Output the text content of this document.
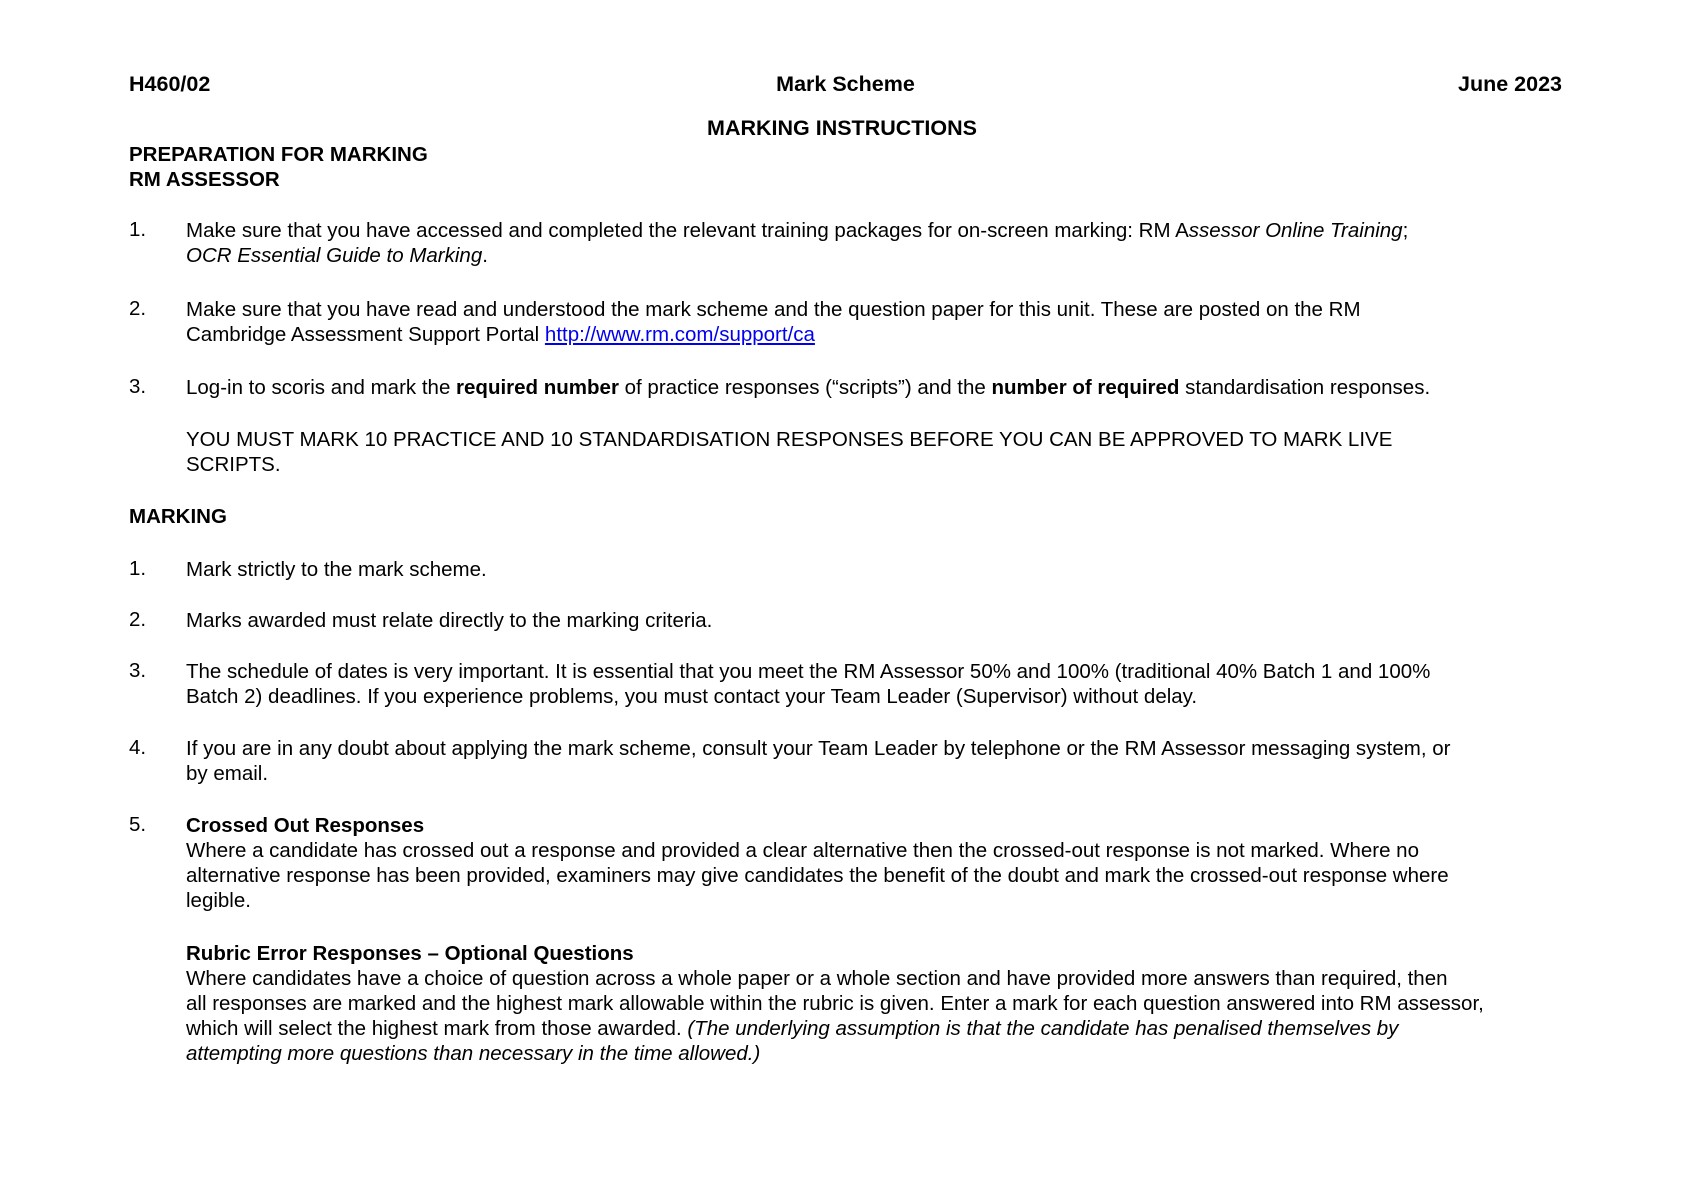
H460/02	Mark Scheme	June 2023
MARKING INSTRUCTIONS
PREPARATION FOR MARKING
RM ASSESSOR
1. Make sure that you have accessed and completed the relevant training packages for on-screen marking: RM Assessor Online Training;
OCR Essential Guide to Marking.
2. Make sure that you have read and understood the mark scheme and the question paper for this unit. These are posted on the RM
Cambridge Assessment Support Portal http://www.rm.com/support/ca
3. Log-in to scoris and mark the required number of practice responses (“scripts”) and the number of required standardisation responses.
YOU MUST MARK 10 PRACTICE AND 10 STANDARDISATION RESPONSES BEFORE YOU CAN BE APPROVED TO MARK LIVE
SCRIPTS.
MARKING
1. Mark strictly to the mark scheme.
2. Marks awarded must relate directly to the marking criteria.
3. The schedule of dates is very important. It is essential that you meet the RM Assessor 50% and 100% (traditional 40% Batch 1 and 100%
Batch 2) deadlines. If you experience problems, you must contact your Team Leader (Supervisor) without delay.
4. If you are in any doubt about applying the mark scheme, consult your Team Leader by telephone or the RM Assessor messaging system, or
by email.
5. Crossed Out Responses
Where a candidate has crossed out a response and provided a clear alternative then the crossed-out response is not marked. Where no
alternative response has been provided, examiners may give candidates the benefit of the doubt and mark the crossed-out response where
legible.
Rubric Error Responses – Optional Questions
Where candidates have a choice of question across a whole paper or a whole section and have provided more answers than required, then
all responses are marked and the highest mark allowable within the rubric is given. Enter a mark for each question answered into RM assessor,
which will select the highest mark from those awarded. (The underlying assumption is that the candidate has penalised themselves by
attempting more questions than necessary in the time allowed.)
